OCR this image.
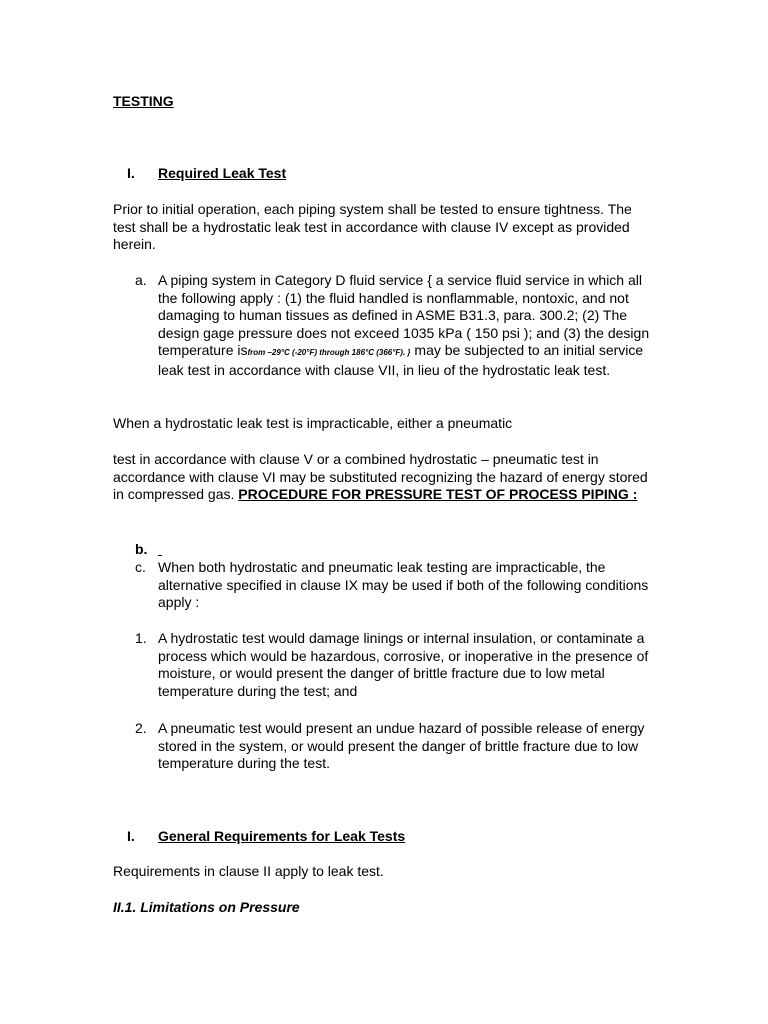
TESTING
I. Required Leak Test
Prior to initial operation, each piping system shall be tested to ensure tightness. The test shall be a hydrostatic leak test in accordance with clause IV except as provided herein.
a. A piping system in Category D fluid service { a service fluid service in which all the following apply : (1) the fluid handled is nonflammable, nontoxic, and not damaging to human tissues as defined in ASME B31.3, para. 300.2; (2) The design gage pressure does not exceed 1035 kPa ( 150 psi ); and (3) the design temperature isfrom –29°C (-20°F) through 186°C (366°F). } may be subjected to an initial service leak test in accordance with clause VII, in lieu of the hydrostatic leak test.
When a hydrostatic leak test is impracticable, either a pneumatic
test in accordance with clause V or a combined hydrostatic – pneumatic test in accordance with clause VI may be substituted recognizing the hazard of energy stored in compressed gas. PROCEDURE FOR PRESSURE TEST OF PROCESS PIPING :
b.

c. When both hydrostatic and pneumatic leak testing are impracticable, the alternative specified in clause IX may be used if both of the following conditions apply :
1. A hydrostatic test would damage linings or internal insulation, or contaminate a process which would be hazardous, corrosive, or inoperative in the presence of moisture, or would present the danger of brittle fracture due to low metal temperature during the test; and
2. A pneumatic test would present an undue hazard of possible release of energy stored in the system, or would present the danger of brittle fracture due to low temperature during the test.
I. General Requirements for Leak Tests
Requirements in clause II apply to leak test.
II.1. Limitations on Pressure
